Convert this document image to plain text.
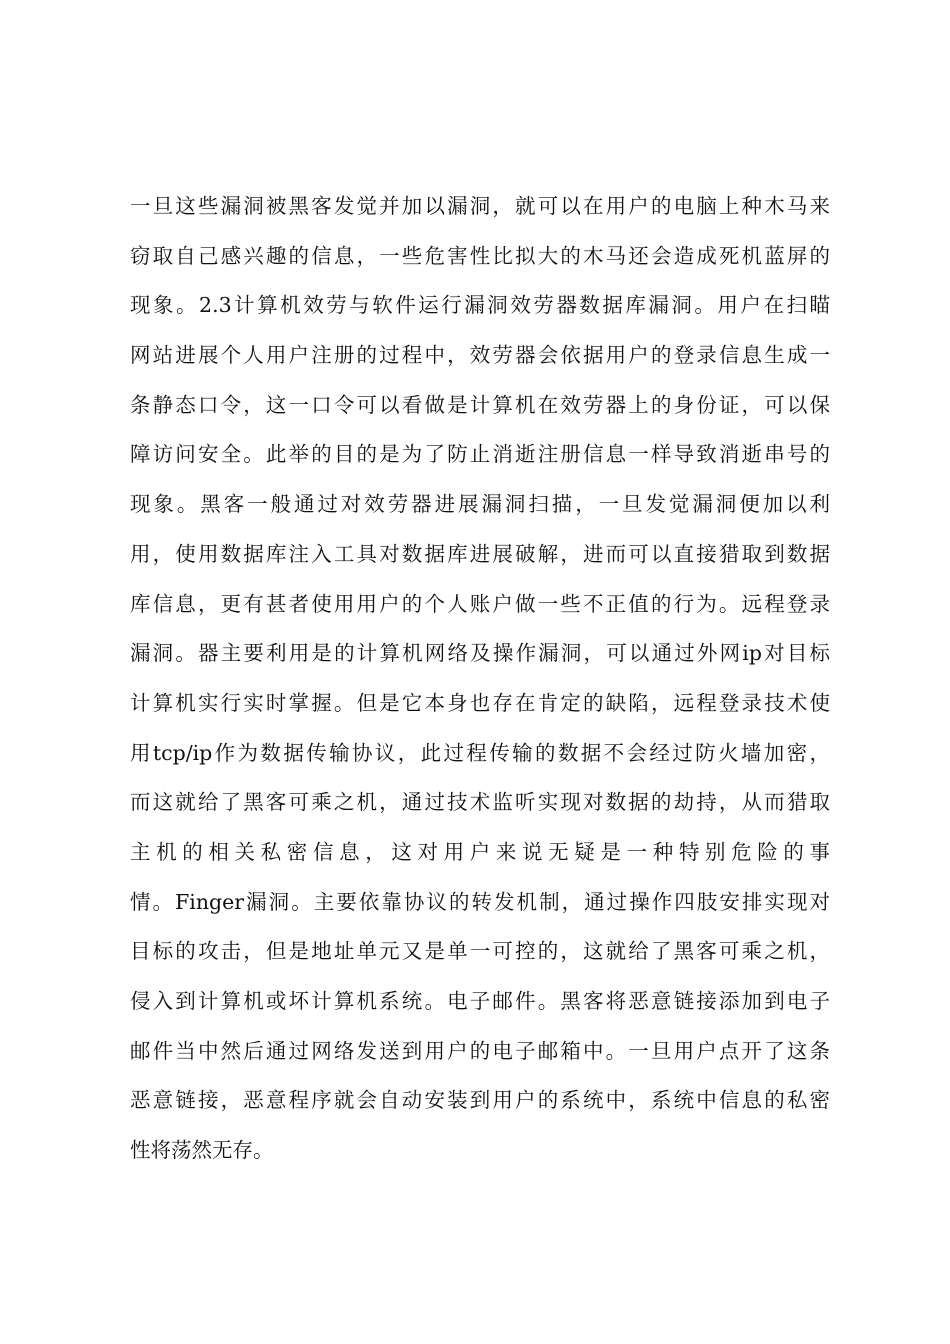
一旦这些漏洞被黑客发觉并加以漏洞，就可以在用户的电脑上种木马来
窃取自己感兴趣的信息，一些危害性比拟大的木马还会造成死机蓝屏的
现象。2.3计算机效劳与软件运行漏洞效劳器数据库漏洞。用户在扫瞄
网站进展个人用户注册的过程中，效劳器会依据用户的登录信息生成一
条静态口令，这一口令可以看做是计算机在效劳器上的身份证，可以保
障访问安全。此举的目的是为了防止消逝注册信息一样导致消逝串号的
现象。黑客一般通过对效劳器进展漏洞扫描，一旦发觉漏洞便加以利
用，使用数据库注入工具对数据库进展破解，进而可以直接猎取到数据
库信息，更有甚者使用用户的个人账户做一些不正值的行为。远程登录
漏洞。器主要利用是的计算机网络及操作漏洞，可以通过外网ip对目标
计算机实行实时掌握。但是它本身也存在肯定的缺陷，远程登录技术使
用tcp/ip作为数据传输协议，此过程传输的数据不会经过防火墙加密，
而这就给了黑客可乘之机，通过技术监听实现对数据的劫持，从而猎取
主机的相关私密信息，这对用户来说无疑是一种特别危险的事
情。Finger漏洞。主要依靠协议的转发机制，通过操作四肢安排实现对
目标的攻击，但是地址单元又是单一可控的，这就给了黑客可乘之机，
侵入到计算机或坏计算机系统。电子邮件。黑客将恶意链接添加到电子
邮件当中然后通过网络发送到用户的电子邮箱中。一旦用户点开了这条
恶意链接，恶意程序就会自动安装到用户的系统中，系统中信息的私密
性将荡然无存。
